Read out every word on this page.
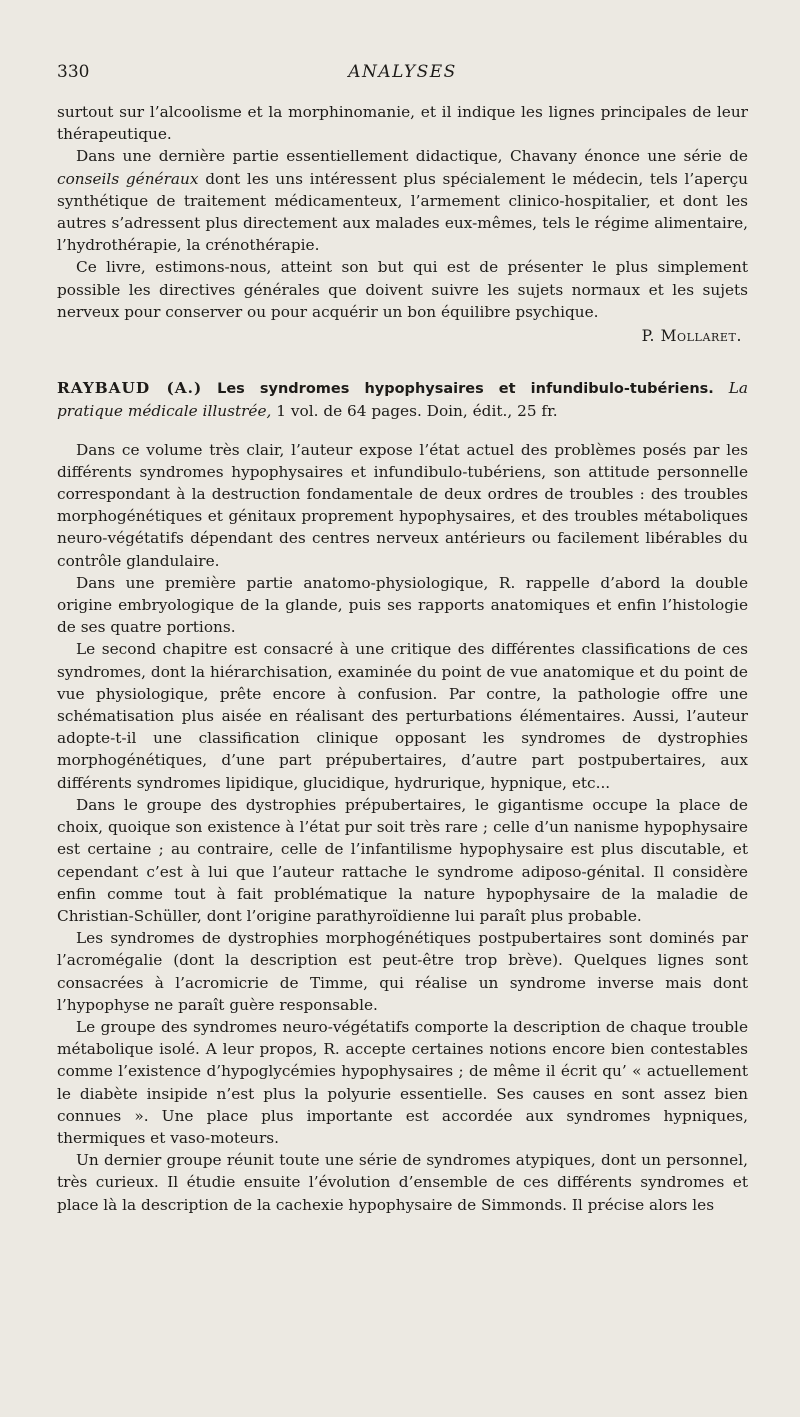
330	ANALYSES

surtout sur l’alcoolisme et la morphinomanie, et il indique les lignes principales de leur thérapeutique.

Dans une dernière partie essentiellement didactique, Chavany énonce une série de conseils généraux dont les uns intéressent plus spécialement le médecin, tels l’aperçu synthétique de traitement médicamenteux, l’armement clinico-hospitalier, et dont les autres s’adressent plus directement aux malades eux-mêmes, tels le régime alimentaire, l’hydrothérapie, la crénothérapie.

Ce livre, estimons-nous, atteint son but qui est de présenter le plus simplement possible les directives générales que doivent suivre les sujets normaux et les sujets nerveux pour conserver ou pour acquérir un bon équilibre psychique.

P. Mollaret.
RAYBAUD (A.) Les syndromes hypophysaires et infundibulo-tubériens. La pratique médicale illustrée, 1 vol. de 64 pages. Doin, édit., 25 fr.

Dans ce volume très clair, l’auteur expose l’état actuel des problèmes posés par les différents syndromes hypophysaires et infundibulo-tubériens, son attitude personnelle correspondant à la destruction fondamentale de deux ordres de troubles : des troubles morphogénétiques et génitaux proprement hypophysaires, et des troubles métaboliques neuro-végétatifs dépendant des centres nerveux antérieurs ou facilement libérables du contrôle glandulaire.

Dans une première partie anatomo-physiologique, R. rappelle d’abord la double origine embryologique de la glande, puis ses rapports anatomiques et enfin l’histologie de ses quatre portions.

Le second chapitre est consacré à une critique des différentes classifications de ces syndromes, dont la hiérarchisation, examinée du point de vue anatomique et du point de vue physiologique, prête encore à confusion. Par contre, la pathologie offre une schématisation plus aisée en réalisant des perturbations élémentaires. Aussi, l’auteur adopte-t-il une classification clinique opposant les syndromes de dystrophies morphogénétiques, d’une part prépubertaires, d’autre part postpubertaires, aux différents syndromes lipidique, glucidique, hydrurique, hypnique, etc...

Dans le groupe des dystrophies prépubertaires, le gigantisme occupe la place de choix, quoique son existence à l’état pur soit très rare ; celle d’un nanisme hypophysaire est certaine ; au contraire, celle de l’infantilisme hypophysaire est plus discutable, et cependant c’est à lui que l’auteur rattache le syndrome adiposo-génital. Il considère enfin comme tout à fait problématique la nature hypophysaire de la maladie de Christian-Schüller, dont l’origine parathyroïdienne lui paraît plus probable.

Les syndromes de dystrophies morphogénétiques postpubertaires sont dominés par l’acromégalie (dont la description est peut-être trop brève). Quelques lignes sont consacrées à l’acromicrie de Timme, qui réalise un syndrome inverse mais dont l’hypophyse ne paraît guère responsable.

Le groupe des syndromes neuro-végétatifs comporte la description de chaque trouble métabolique isolé. A leur propos, R. accepte certaines notions encore bien contestables comme l’existence d’hypoglycémies hypophysaires ; de même il écrit qu’ « actuellement le diabète insipide n’est plus la polyurie essentielle. Ses causes en sont assez bien connues ». Une place plus importante est accordée aux syndromes hypniques, thermiques et vaso-moteurs.

Un dernier groupe réunit toute une série de syndromes atypiques, dont un personnel, très curieux. Il étudie ensuite l’évolution d’ensemble de ces différents syndromes et place là la description de la cachexie hypophysaire de Simmonds. Il précise alors les
